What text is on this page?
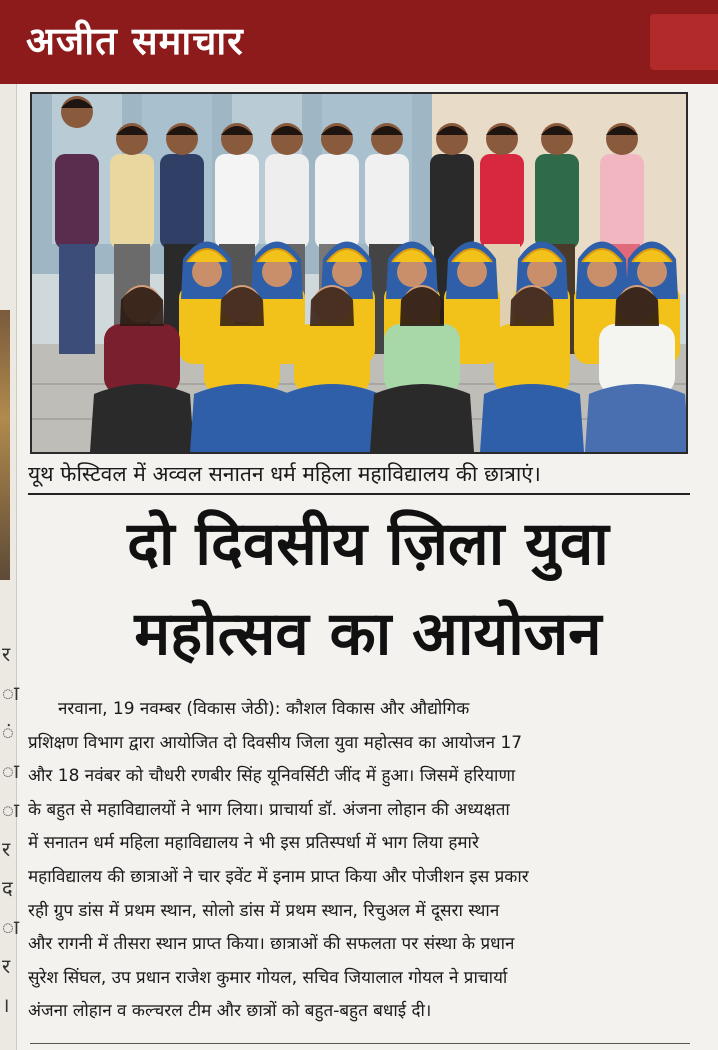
अजीत समाचार
र
ा
ं
ा
ा
र
द
ा
र
।
यूथ फेस्टिवल में अव्वल सनातन धर्म महिला महाविद्यालय की छात्राएं।
दो दिवसीय ज़िला युवा
महोत्सव का आयोजन
नरवाना, 19 नवम्बर (विकास जेठी): कौशल विकास और औद्योगिक
प्रशिक्षण विभाग द्वारा आयोजित दो दिवसीय जिला युवा महोत्सव का आयोजन 17
और 18 नवंबर को चौधरी रणबीर सिंह यूनिवर्सिटी जींद में हुआ। जिसमें हरियाणा
के बहुत से महाविद्यालयों ने भाग लिया। प्राचार्या डॉ. अंजना लोहान की अध्यक्षता
में सनातन धर्म महिला महाविद्यालय ने भी इस प्रतिस्पर्धा में भाग लिया हमारे
महाविद्यालय की छात्राओं ने चार इवेंट में इनाम प्राप्त किया और पोजीशन इस प्रकार
रही ग्रुप डांस में प्रथम स्थान, सोलो डांस में प्रथम स्थान, रिचुअल में दूसरा स्थान
और रागनी में तीसरा स्थान प्राप्त किया। छात्राओं की सफलता पर संस्था के प्रधान
सुरेश सिंघल, उप प्रधान राजेश कुमार गोयल, सचिव जियालाल गोयल ने प्राचार्या
अंजना लोहान व कल्चरल टीम और छात्रों को बहुत-बहुत बधाई दी।
